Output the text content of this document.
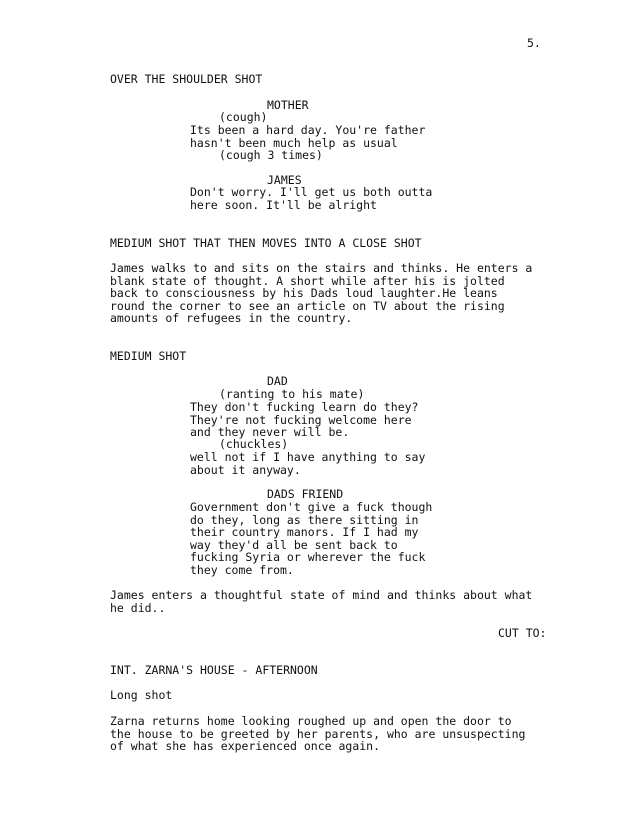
5.
OVER THE SHOULDER SHOT
MOTHER
(cough)
Its been a hard day. You're father
hasn't been much help as usual
(cough 3 times)
JAMES
Don't worry. I'll get us both outta
here soon. It'll be alright
MEDIUM SHOT THAT THEN MOVES INTO A CLOSE SHOT
James walks to and sits on the stairs and thinks. He enters a
blank state of thought. A short while after his is jolted
back to consciousness by his Dads loud laughter.He leans
round the corner to see an article on TV about the rising
amounts of refugees in the country.
MEDIUM SHOT
DAD
(ranting to his mate)
They don't fucking learn do they?
They're not fucking welcome here
and they never will be.
(chuckles)
well not if I have anything to say
about it anyway.
DADS FRIEND
Government don't give a fuck though
do they, long as there sitting in
their country manors. If I had my
way they'd all be sent back to
fucking Syria or wherever the fuck
they come from.
James enters a thoughtful state of mind and thinks about what
he did..
CUT TO:
INT. ZARNA'S HOUSE - AFTERNOON
Long shot
Zarna returns home looking roughed up and open the door to
the house to be greeted by her parents, who are unsuspecting
of what she has experienced once again.
